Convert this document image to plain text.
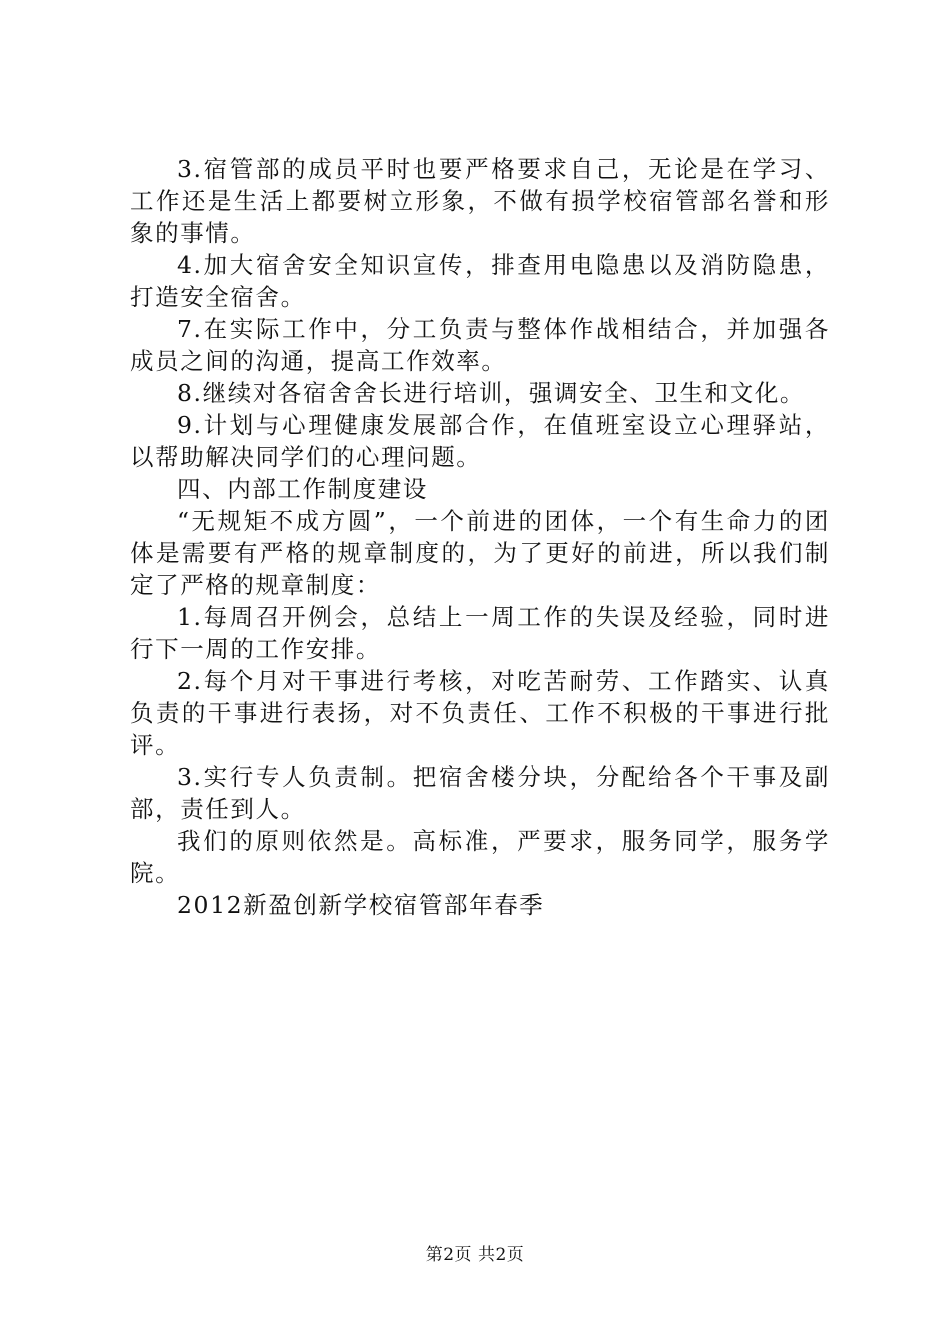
3.宿管部的成员平时也要严格要求自己，无论是在学习、工作还是生活上都要树立形象，不做有损学校宿管部名誉和形象的事情。

4.加大宿舍安全知识宣传，排查用电隐患以及消防隐患，打造安全宿舍。

7.在实际工作中，分工负责与整体作战相结合，并加强各成员之间的沟通，提高工作效率。

8.继续对各宿舍舍长进行培训，强调安全、卫生和文化。

9.计划与心理健康发展部合作，在值班室设立心理驿站，以帮助解决同学们的心理问题。

四、内部工作制度建设

“无规矩不成方圆”，一个前进的团体，一个有生命力的团体是需要有严格的规章制度的，为了更好的前进，所以我们制定了严格的规章制度：

1.每周召开例会，总结上一周工作的失误及经验，同时进行下一周的工作安排。

2.每个月对干事进行考核，对吃苦耐劳、工作踏实、认真负责的干事进行表扬，对不负责任、工作不积极的干事进行批评。

3.实行专人负责制。把宿舍楼分块，分配给各个干事及副部，责任到人。

我们的原则依然是。高标准，严要求，服务同学，服务学院。

2012新盈创新学校宿管部年春季

第2页 共2页
